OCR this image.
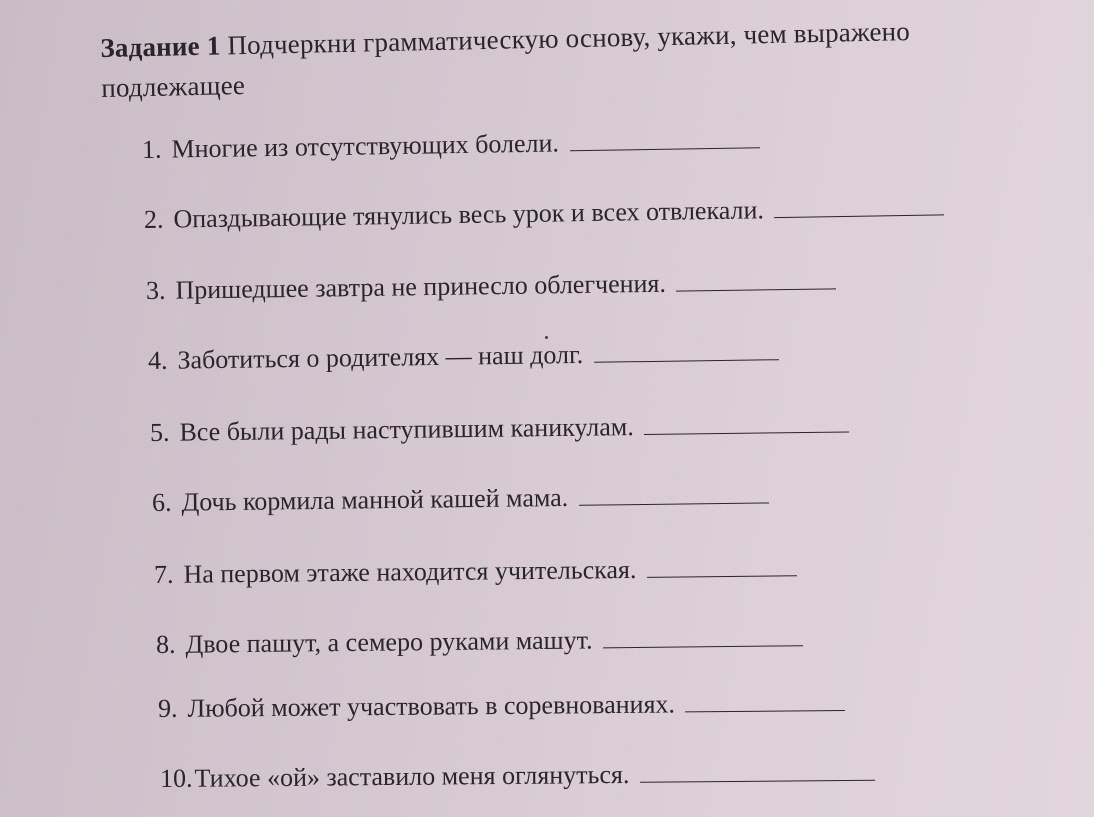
Задание 1 Подчеркни грамматическую основу, укажи, чем выражено
подлежащее
1. Многие из отсутствующих болели.
2. Опаздывающие тянулись весь урок и всех отвлекали.
3. Пришедшее завтра не принесло облегчения.
4. Заботиться о родителях — наш долг.
5. Все были рады наступившим каникулам.
6. Дочь кормила манной кашей мама.
7. На первом этаже находится учительская.
8. Двое пашут, а семеро руками машут.
9. Любой может участвовать в соревнованиях.
10.Тихое «ой» заставило меня оглянуться.
